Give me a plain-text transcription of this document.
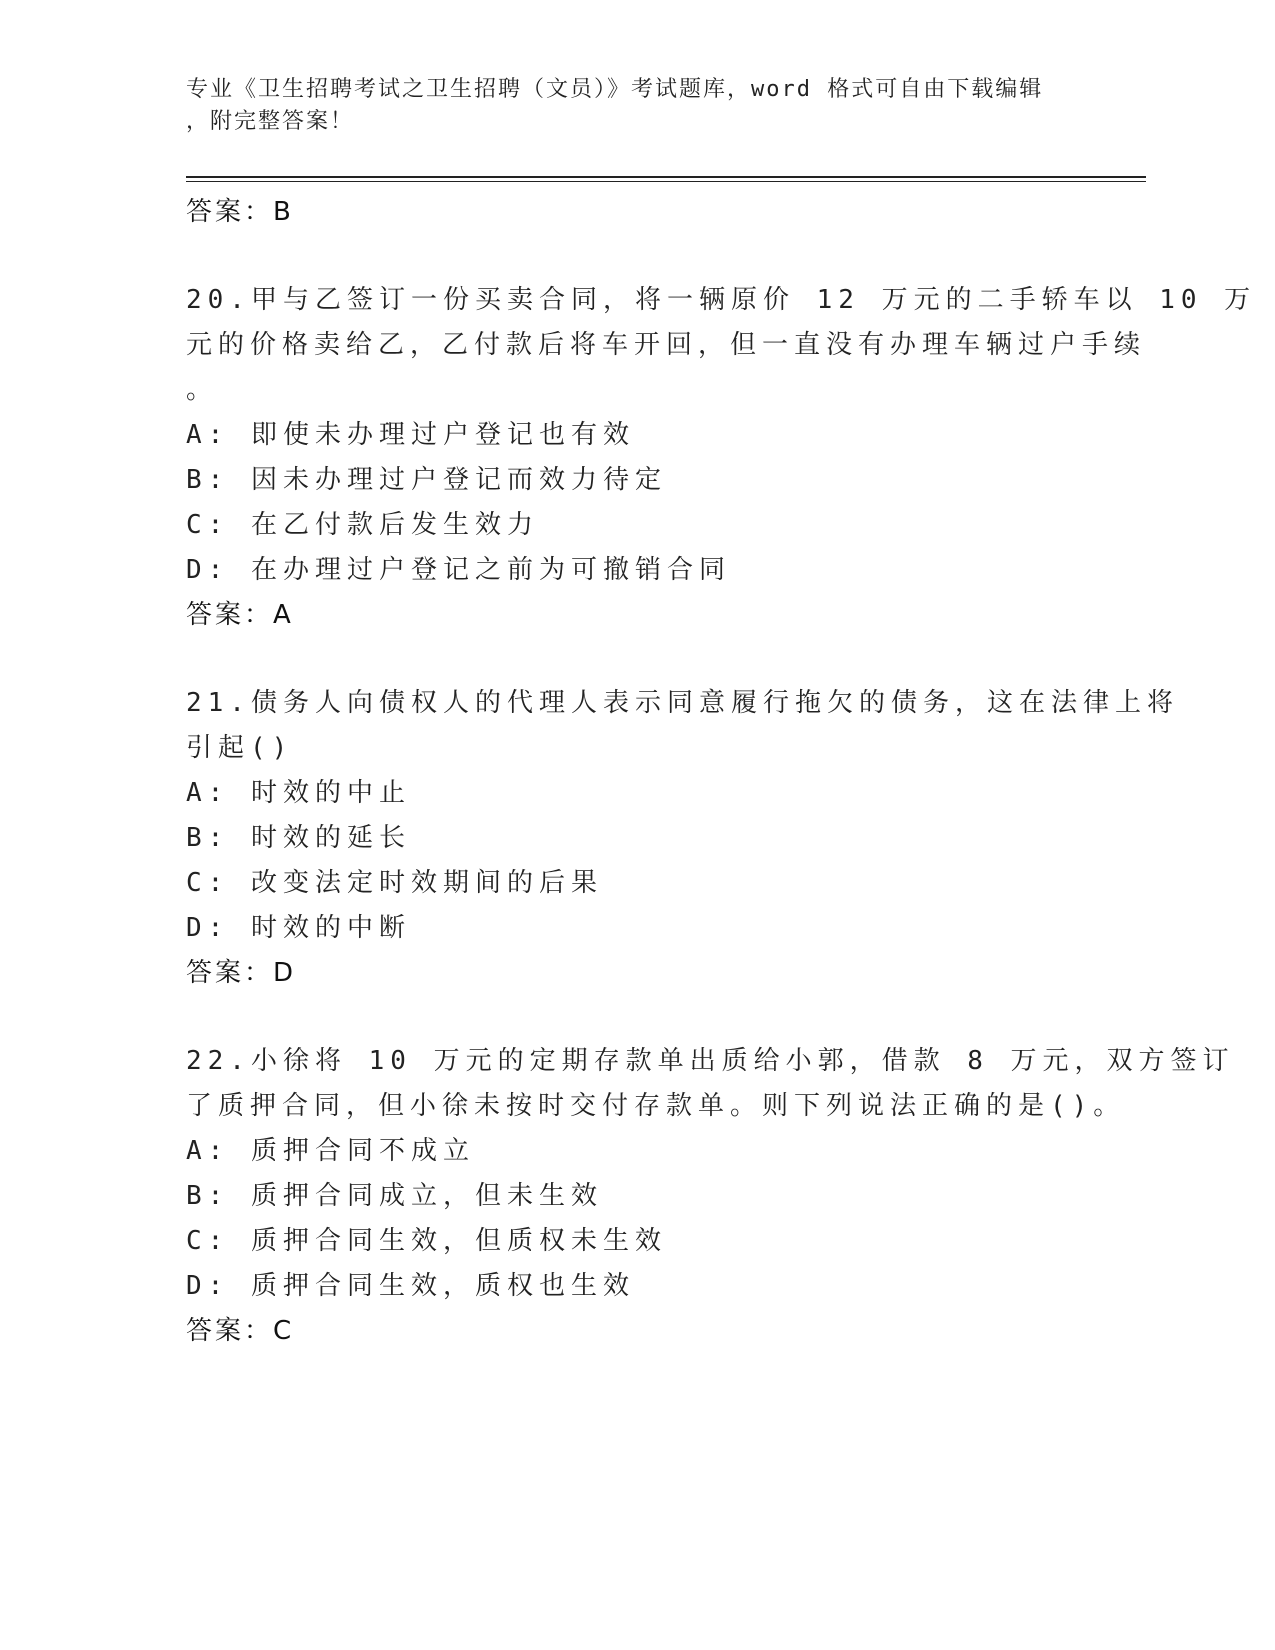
专业《卫生招聘考试之卫生招聘（文员）》考试题库，word 格式可自由下载编辑
，附完整答案！
答案：B
20.甲与乙签订一份买卖合同，将一辆原价 12 万元的二手轿车以 10 万
元的价格卖给乙，乙付款后将车开回，但一直没有办理车辆过户手续
。
A: 即使未办理过户登记也有效
B: 因未办理过户登记而效力待定
C: 在乙付款后发生效力
D: 在办理过户登记之前为可撤销合同
答案：A
21.债务人向债权人的代理人表示同意履行拖欠的债务，这在法律上将
引起()
A: 时效的中止
B: 时效的延长
C: 改变法定时效期间的后果
D: 时效的中断
答案：D
22.小徐将 10 万元的定期存款单出质给小郭，借款 8 万元，双方签订
了质押合同，但小徐未按时交付存款单。则下列说法正确的是()。
A: 质押合同不成立
B: 质押合同成立，但未生效
C: 质押合同生效，但质权未生效
D: 质押合同生效，质权也生效
答案：C
